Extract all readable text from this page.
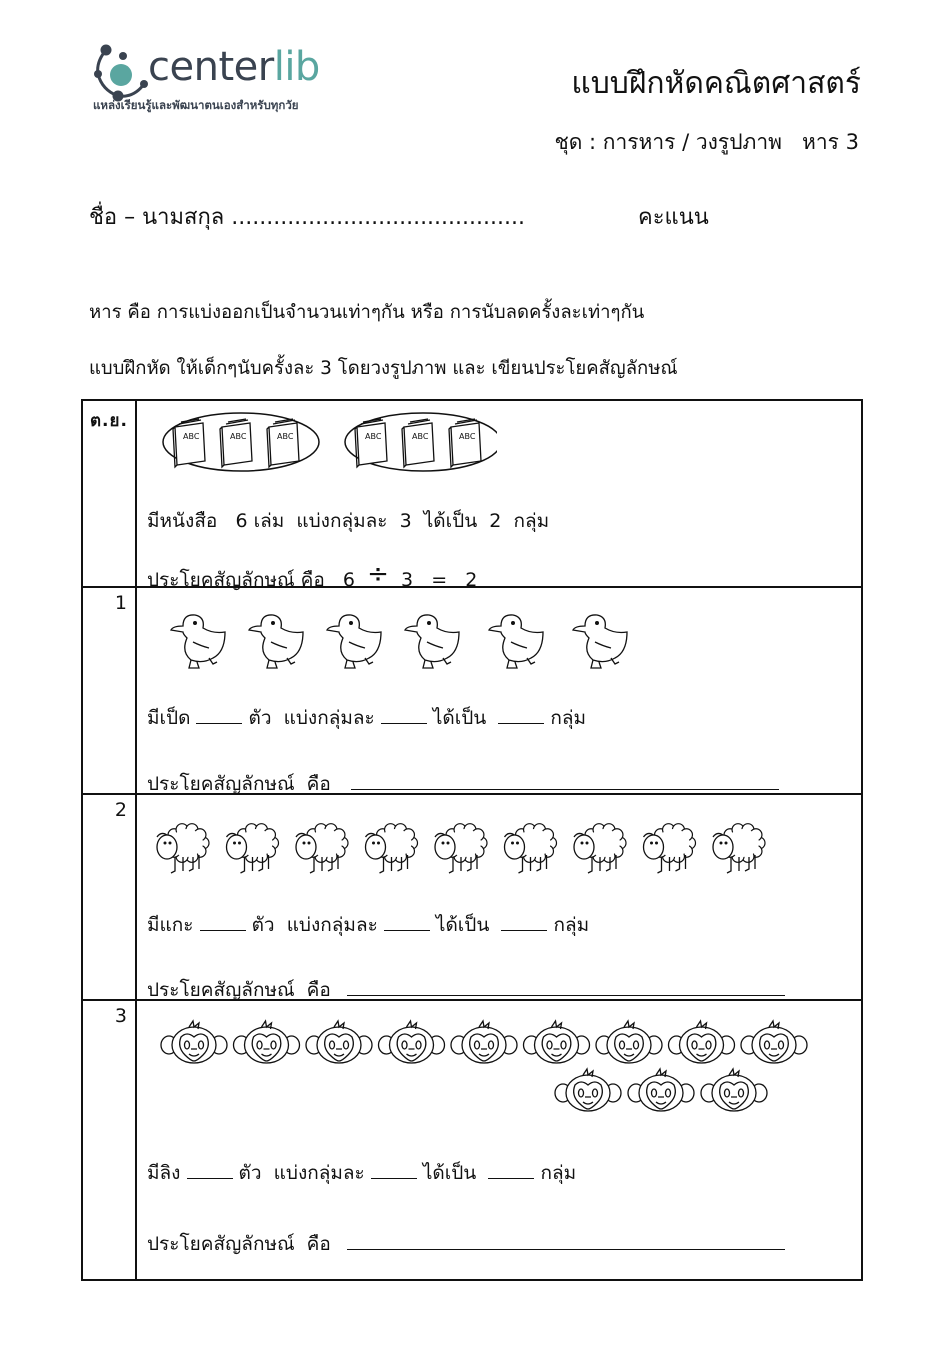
centerlib
แหล่งเรียนรู้และพัฒนาตนเองสำหรับทุกวัย
แบบฝึกหัดคณิตศาสตร์
ชุด : การหาร / วงรูปภาพ   หาร 3
ชื่อ – นามสกุล ..........................................	คะแนน
หาร คือ การแบ่งออกเป็นจำนวนเท่าๆกัน หรือ การนับลดครั้งละเท่าๆกัน
แบบฝึกหัด ให้เด็กๆนับครั้งละ 3 โดยวงรูปภาพ และ เขียนประโยคสัญลักษณ์
ต.ย.
ABC	ABC	ABC	ABC	ABC	ABC
มีหนังสือ 6 เล่ม แบ่งกลุ่มละ 3 ได้เป็น 2 กลุ่ม
ประโยคสัญลักษณ์ คือ 6 ÷ 3 = 2
1
มีเป็ด	ตัว แบ่งกลุ่มละ	ได้เป็น	กลุ่ม
ประโยคสัญลักษณ์  คือ
2
มีแกะ	ตัว แบ่งกลุ่มละ	ได้เป็น	กลุ่ม
ประโยคสัญลักษณ์  คือ
3
มีลิง	ตัว แบ่งกลุ่มละ	ได้เป็น	กลุ่ม
ประโยคสัญลักษณ์  คือ
